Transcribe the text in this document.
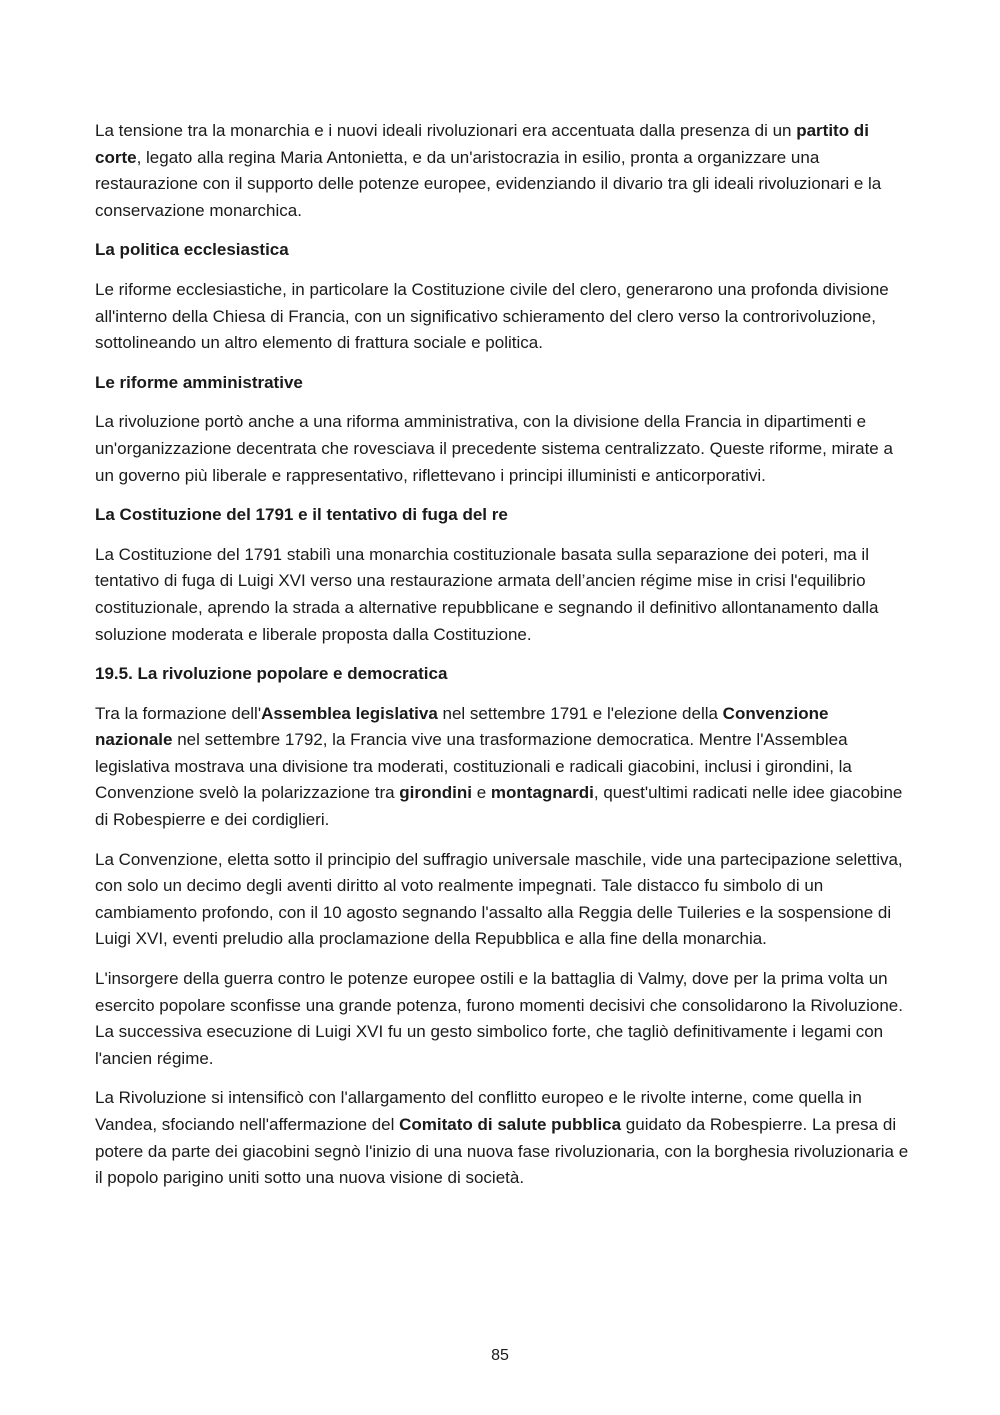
La tensione tra la monarchia e i nuovi ideali rivoluzionari era accentuata dalla presenza di un partito di corte, legato alla regina Maria Antonietta, e da un'aristocrazia in esilio, pronta a organizzare una restaurazione con il supporto delle potenze europee, evidenziando il divario tra gli ideali rivoluzionari e la conservazione monarchica.

La politica ecclesiastica

Le riforme ecclesiastiche, in particolare la Costituzione civile del clero, generarono una profonda divisione all'interno della Chiesa di Francia, con un significativo schieramento del clero verso la controrivoluzione, sottolineando un altro elemento di frattura sociale e politica.

Le riforme amministrative

La rivoluzione portò anche a una riforma amministrativa, con la divisione della Francia in dipartimenti e un'organizzazione decentrata che rovesciava il precedente sistema centralizzato. Queste riforme, mirate a un governo più liberale e rappresentativo, riflettevano i principi illuministi e anticorporativi.

La Costituzione del 1791 e il tentativo di fuga del re

La Costituzione del 1791 stabilì una monarchia costituzionale basata sulla separazione dei poteri, ma il tentativo di fuga di Luigi XVI verso una restaurazione armata dell’ancien régime mise in crisi l'equilibrio costituzionale, aprendo la strada a alternative repubblicane e segnando il definitivo allontanamento dalla soluzione moderata e liberale proposta dalla Costituzione.

19.5. La rivoluzione popolare e democratica

Tra la formazione dell'Assemblea legislativa nel settembre 1791 e l'elezione della Convenzione nazionale nel settembre 1792, la Francia vive una trasformazione democratica. Mentre l'Assemblea legislativa mostrava una divisione tra moderati, costituzionali e radicali giacobini, inclusi i girondini, la Convenzione svelò la polarizzazione tra girondini e montagnardi, quest'ultimi radicati nelle idee giacobine di Robespierre e dei cordiglieri.

La Convenzione, eletta sotto il principio del suffragio universale maschile, vide una partecipazione selettiva, con solo un decimo degli aventi diritto al voto realmente impegnati. Tale distacco fu simbolo di un cambiamento profondo, con il 10 agosto segnando l'assalto alla Reggia delle Tuileries e la sospensione di Luigi XVI, eventi preludio alla proclamazione della Repubblica e alla fine della monarchia.

L'insorgere della guerra contro le potenze europee ostili e la battaglia di Valmy, dove per la prima volta un esercito popolare sconfisse una grande potenza, furono momenti decisivi che consolidarono la Rivoluzione. La successiva esecuzione di Luigi XVI fu un gesto simbolico forte, che tagliò definitivamente i legami con l'ancien régime.

La Rivoluzione si intensificò con l'allargamento del conflitto europeo e le rivolte interne, come quella in Vandea, sfociando nell'affermazione del Comitato di salute pubblica guidato da Robespierre. La presa di potere da parte dei giacobini segnò l'inizio di una nuova fase rivoluzionaria, con la borghesia rivoluzionaria e il popolo parigino uniti sotto una nuova visione di società.

85
